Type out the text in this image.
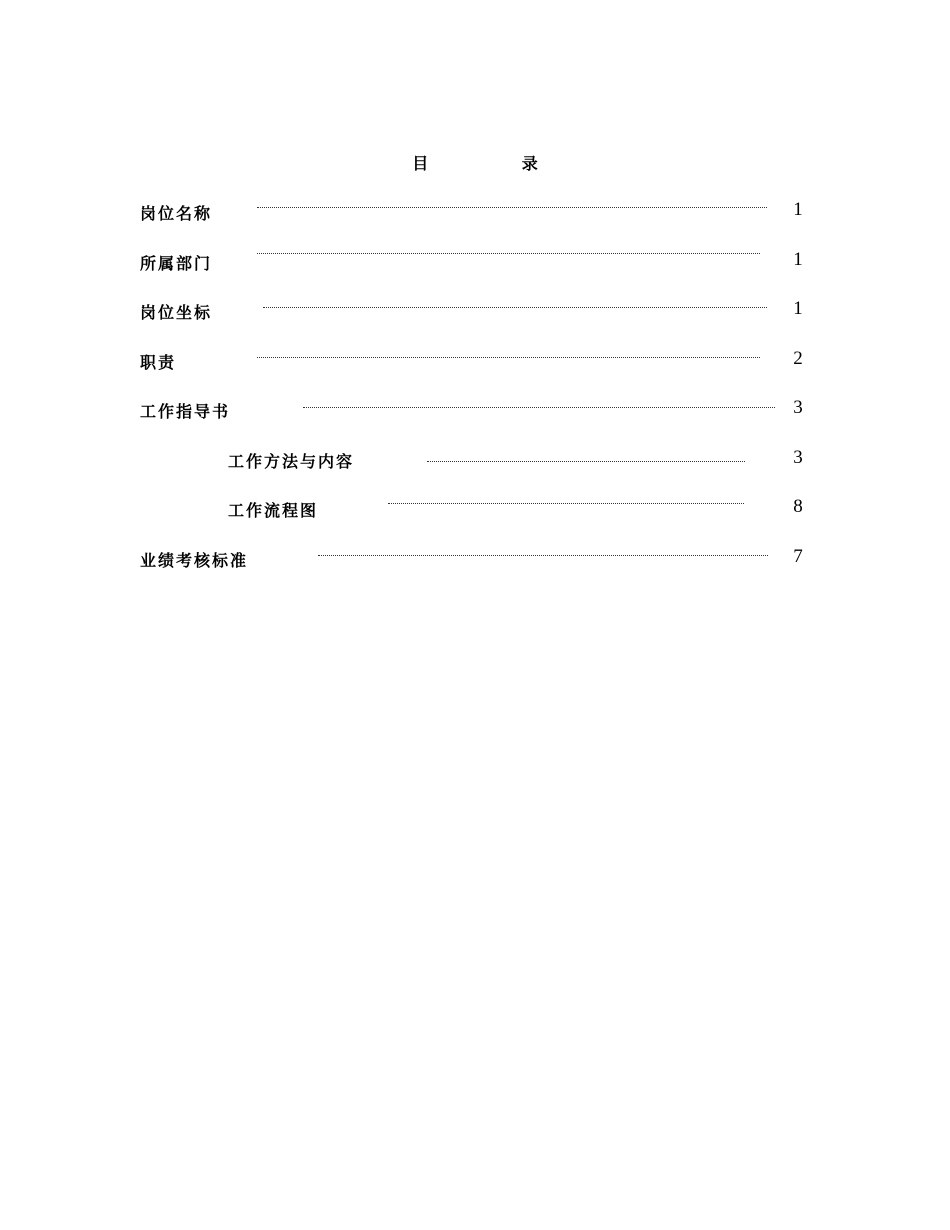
目 录
岗位名称	1
所属部门	1
岗位坐标	1
职责	2
工作指导书	3
工作方法与内容	3
工作流程图	8
业绩考核标准	7
